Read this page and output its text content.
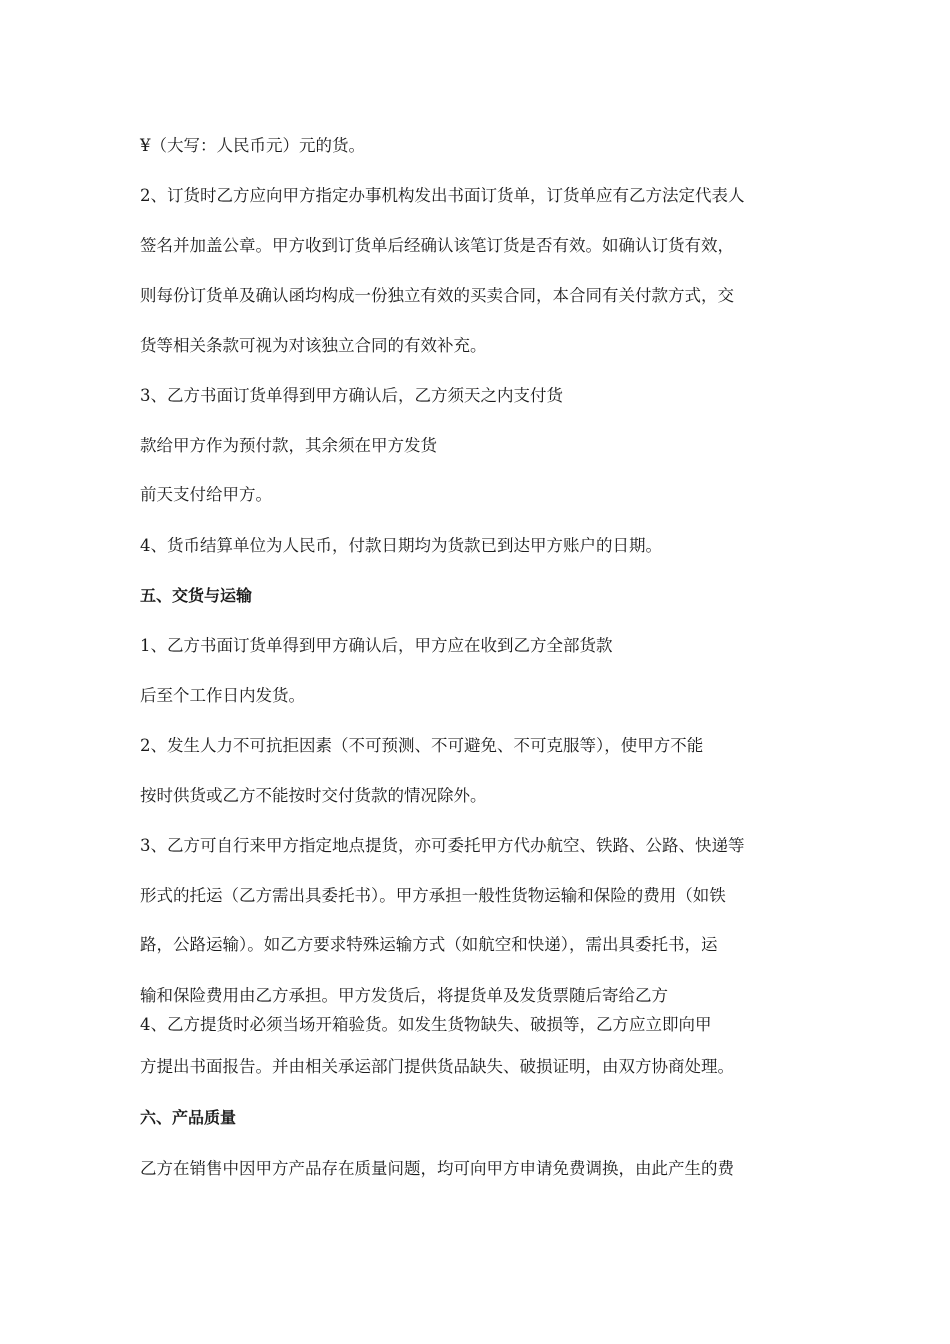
¥（大写：人民币元）元的货。

2、订货时乙方应向甲方指定办事机构发出书面订货单，订货单应有乙方法定代表人

签名并加盖公章。甲方收到订货单后经确认该笔订货是否有效。如确认订货有效，

则每份订货单及确认函均构成一份独立有效的买卖合同，本合同有关付款方式，交

货等相关条款可视为对该独立合同的有效补充。

3、乙方书面订货单得到甲方确认后，乙方须天之内支付货

款给甲方作为预付款，其余须在甲方发货

前天支付给甲方。

4、货币结算单位为人民币，付款日期均为货款已到达甲方账户的日期。

五、交货与运输

1、乙方书面订货单得到甲方确认后，甲方应在收到乙方全部货款

后至个工作日内发货。

2、发生人力不可抗拒因素（不可预测、不可避免、不可克服等），使甲方不能

按时供货或乙方不能按时交付货款的情况除外。

3、乙方可自行来甲方指定地点提货，亦可委托甲方代办航空、铁路、公路、快递等

形式的托运（乙方需出具委托书）。甲方承担一般性货物运输和保险的费用（如铁

路，公路运输）。如乙方要求特殊运输方式（如航空和快递），需出具委托书，运

输和保险费用由乙方承担。甲方发货后，将提货单及发货票随后寄给乙方

4、乙方提货时必须当场开箱验货。如发生货物缺失、破损等，乙方应立即向甲

方提出书面报告。并由相关承运部门提供货品缺失、破损证明，由双方协商处理。

六、产品质量

乙方在销售中因甲方产品存在质量问题，均可向甲方申请免费调换，由此产生的费
